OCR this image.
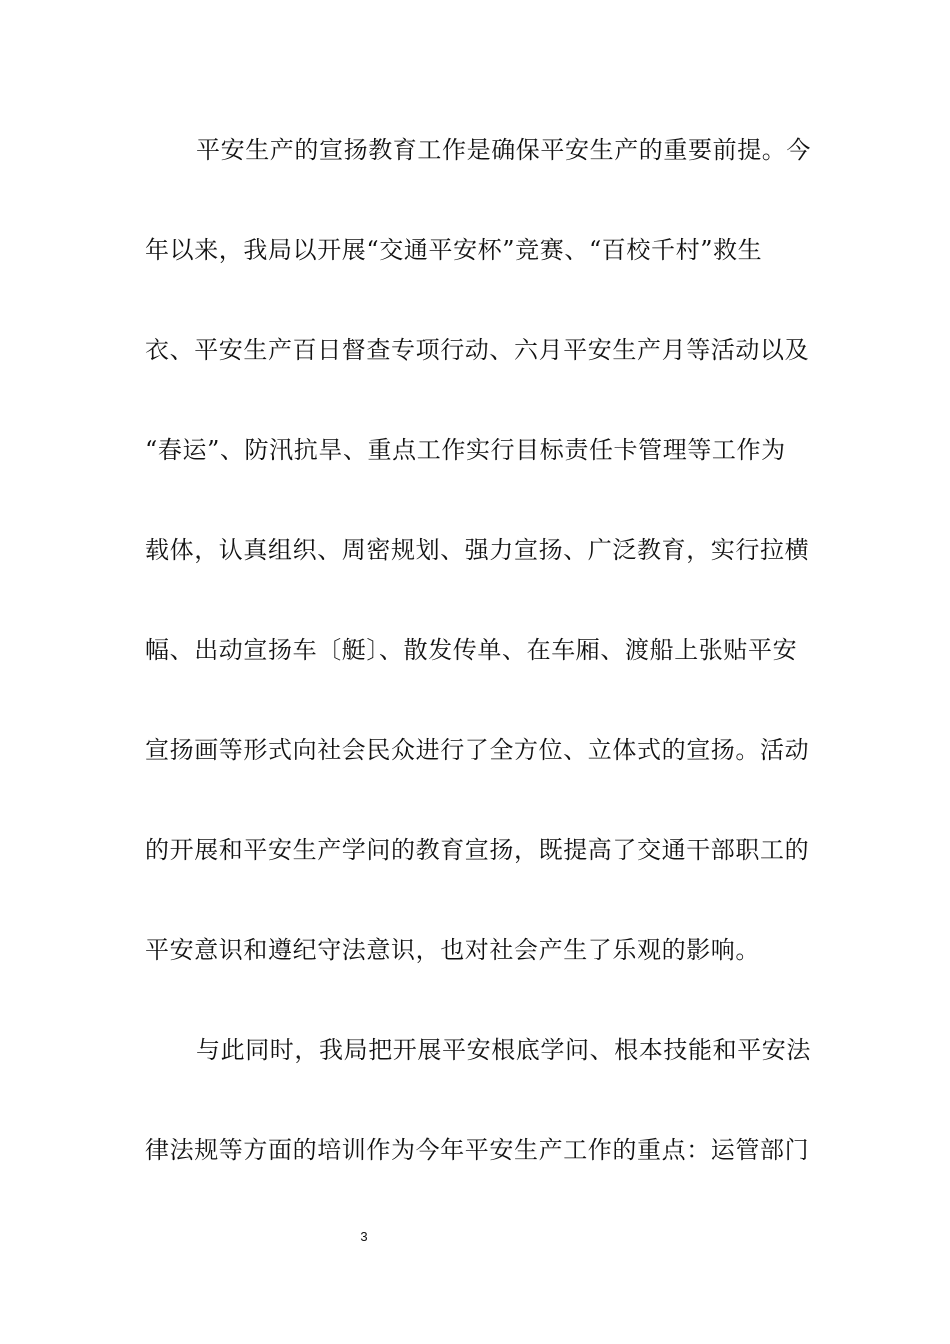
平安生产的宣扬教育工作是确保平安生产的重要前提。今
年以来，我局以开展“交通平安杯”竞赛、“百校千村”救生
衣、平安生产百日督查专项行动、六月平安生产月等活动以及
“春运”、防汛抗旱、重点工作实行目标责任卡管理等工作为
载体，认真组织、周密规划、强力宣扬、广泛教育，实行拉横
幅、出动宣扬车〔艇〕、散发传单、在车厢、渡船上张贴平安
宣扬画等形式向社会民众进行了全方位、立体式的宣扬。活动
的开展和平安生产学问的教育宣扬，既提高了交通干部职工的
平安意识和遵纪守法意识，也对社会产生了乐观的影响。
与此同时，我局把开展平安根底学问、根本技能和平安法
律法规等方面的培训作为今年平安生产工作的重点：运管部门
3
